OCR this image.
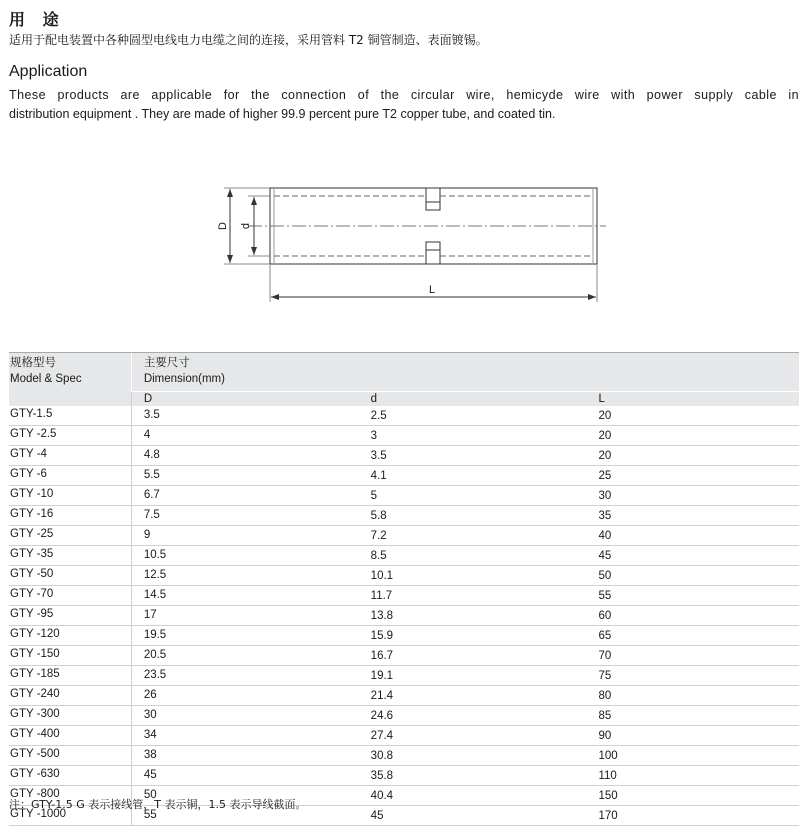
用 途

适用于配电装置中各种圆型电线电力电缆之间的连接，采用管料 T2 铜管制造、表面镀锡。

Application

These products are applicable for the connection of the circular wire, hemicyde wire with power supply cable in
distribution equipment . They are made of higher 99.9 percent pure T2 copper tube, and coated tin.

D d
L
规格型号
Model & Spec	主要尺寸
Dimension(mm)		
	D	d	L
GTY-1.5	3.5	2.5	20
GTY -2.5	4	3	20
GTY -4	4.8	3.5	20
GTY -6	5.5	4.1	25
GTY -10	6.7	5	30
GTY -16	7.5	5.8	35
GTY -25	9	7.2	40
GTY -35	10.5	8.5	45
GTY -50	12.5	10.1	50
GTY -70	14.5	11.7	55
GTY -95	17	13.8	60
GTY -120	19.5	15.9	65
GTY -150	20.5	16.7	70
GTY -185	23.5	19.1	75
GTY -240	26	21.4	80
GTY -300	30	24.6	85
GTY -400	34	27.4	90
GTY -500	38	30.8	100
GTY -630	45	35.8	110
GTY -800	50	40.4	150
GTY -1000	55	45	170

注：GTY-1.5 G 表示接线管，T 表示铜，1.5 表示导线截面。
